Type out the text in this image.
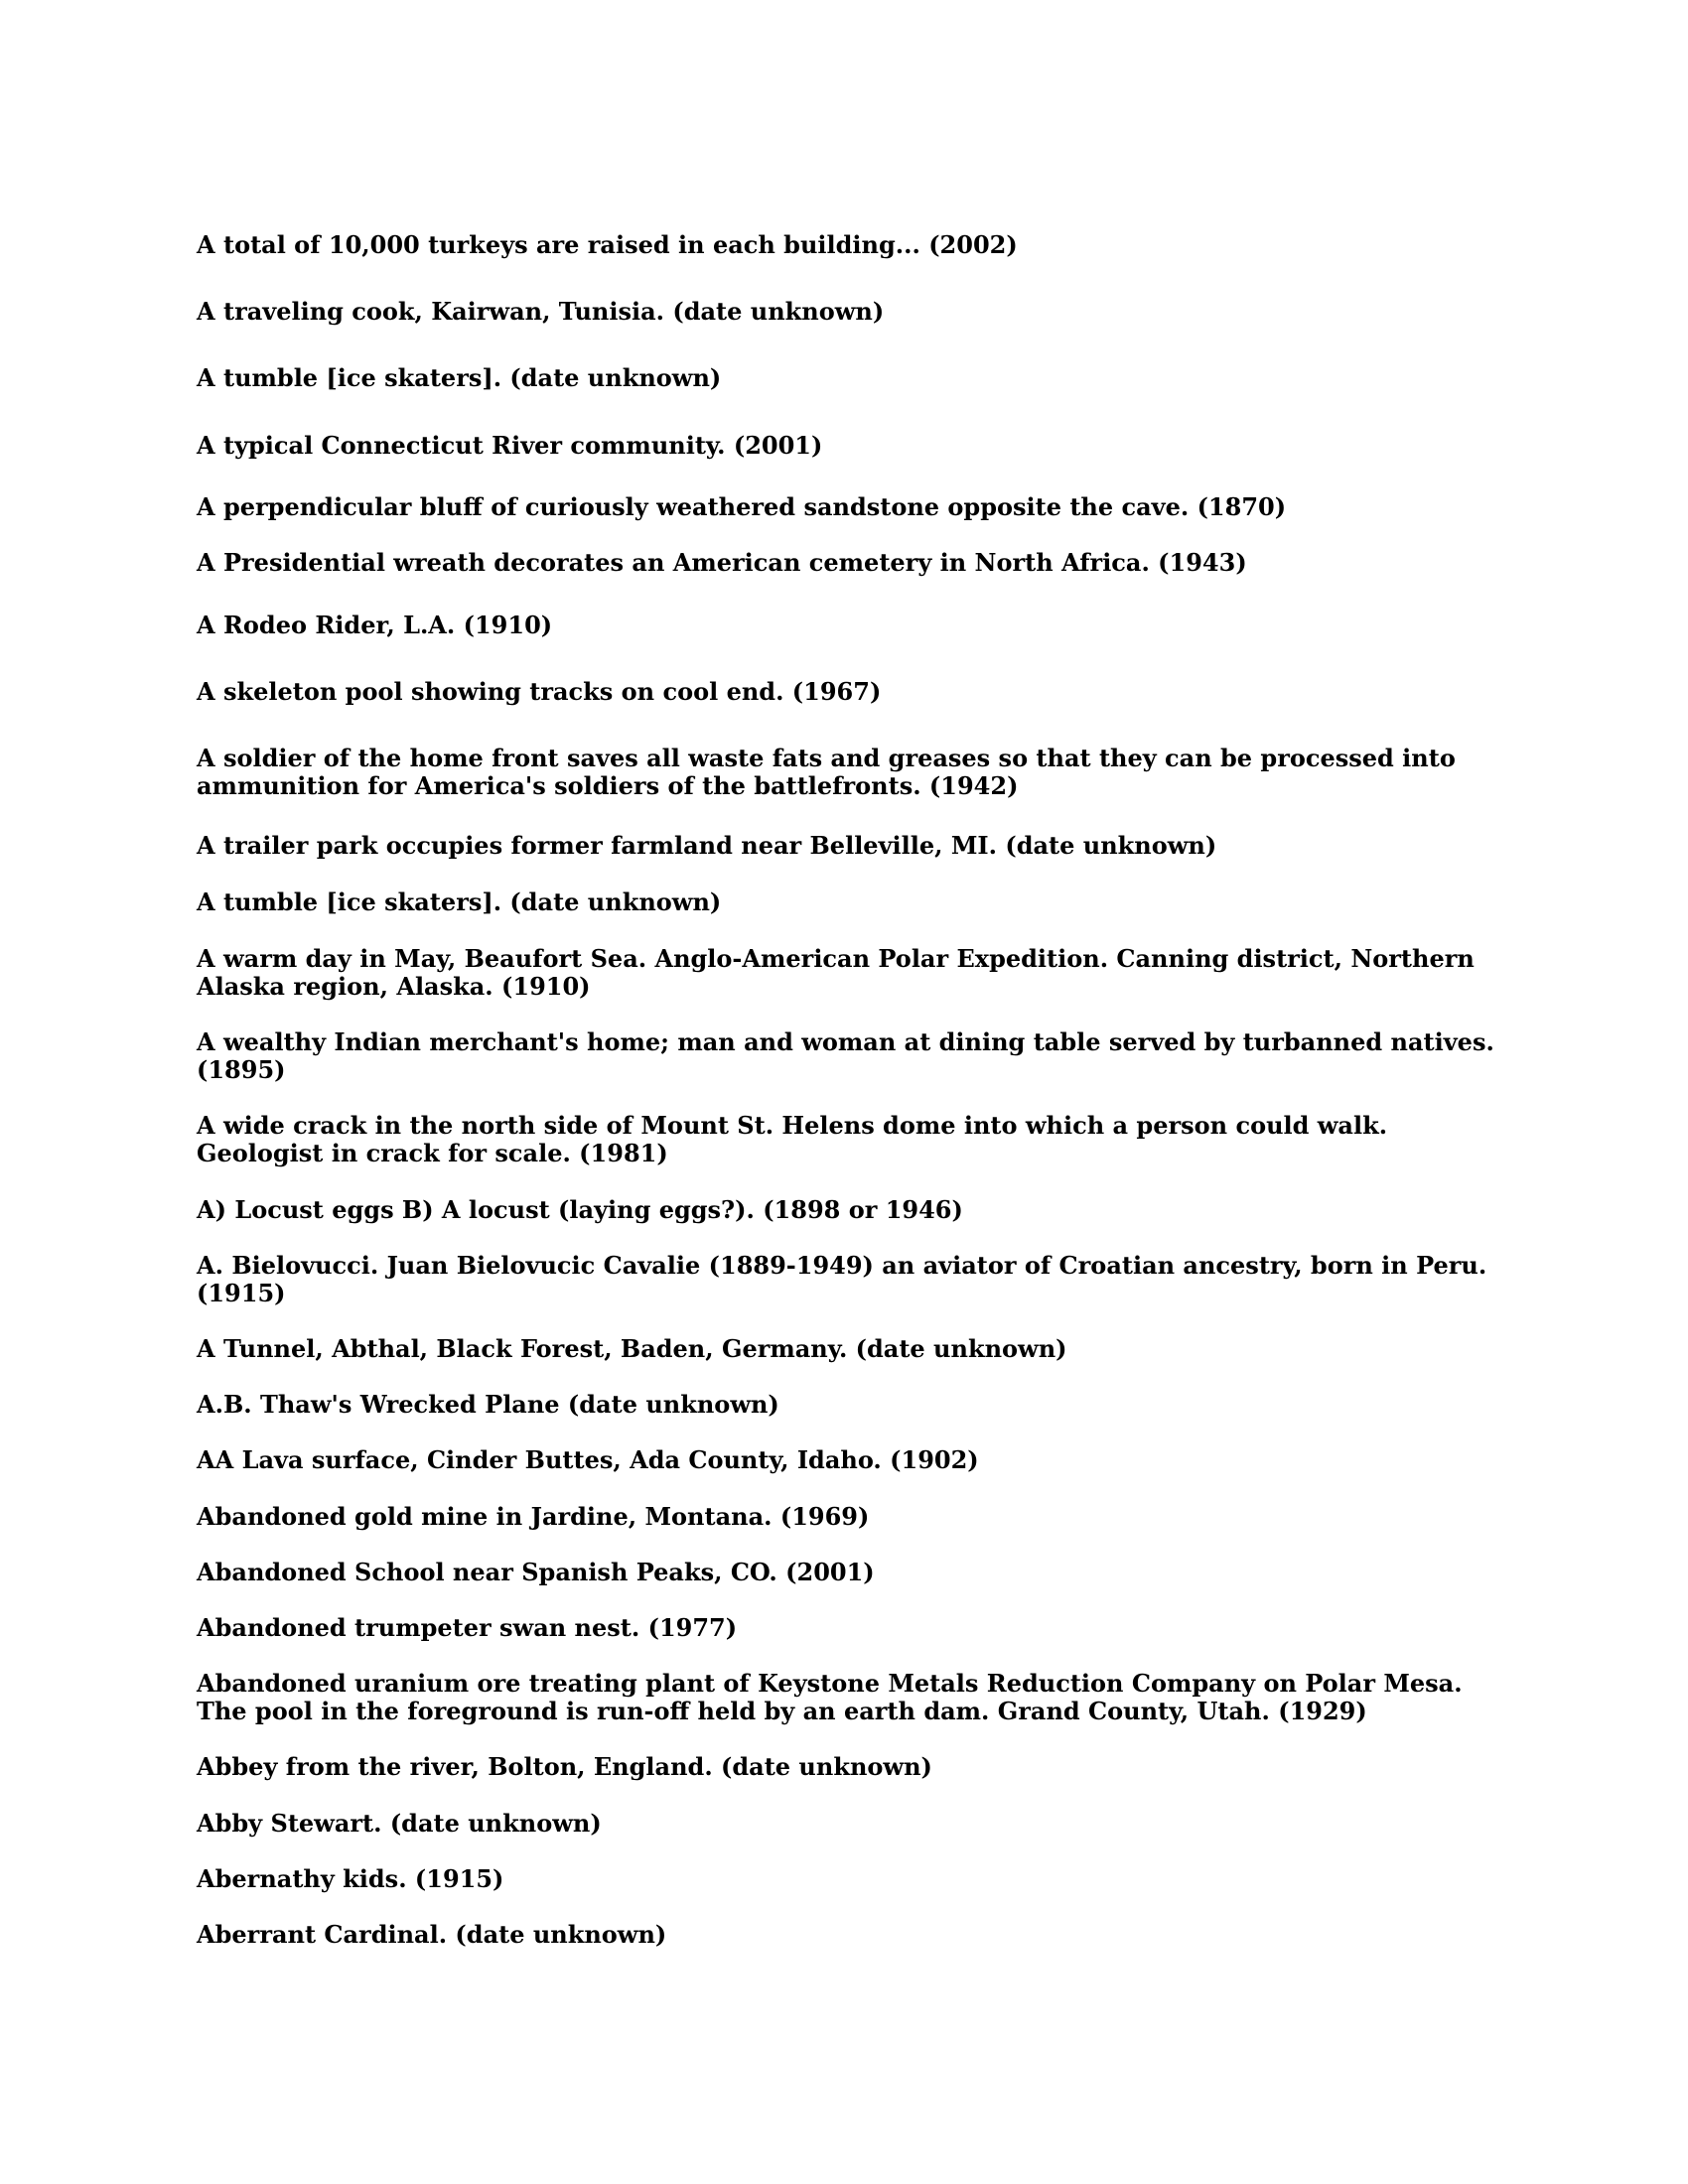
A total of 10,000 turkeys are raised in each building... (2002)

A traveling cook, Kairwan, Tunisia. (date unknown)

A tumble [ice skaters]. (date unknown)

A typical Connecticut River community. (2001)

A perpendicular bluff of curiously weathered sandstone opposite the cave. (1870)

A Presidential wreath decorates an American cemetery in North Africa. (1943)

A Rodeo Rider, L.A. (1910)

A skeleton pool showing tracks on cool end. (1967)

A soldier of the home front saves all waste fats and greases so that they can be processed into ammunition for America's soldiers of the battlefronts. (1942)

A trailer park occupies former farmland near Belleville, MI. (date unknown)

A tumble [ice skaters]. (date unknown)

A warm day in May, Beaufort Sea. Anglo-American Polar Expedition. Canning district, Northern Alaska region, Alaska. (1910)

A wealthy Indian merchant's home; man and woman at dining table served by turbanned natives. (1895)

A wide crack in the north side of Mount St. Helens dome into which a person could walk. Geologist in crack for scale. (1981)

A) Locust eggs B) A locust (laying eggs?). (1898 or 1946)

A. Bielovucci. Juan Bielovucic Cavalie (1889-1949) an aviator of Croatian ancestry, born in Peru. (1915)

A Tunnel, Abthal, Black Forest, Baden, Germany. (date unknown)

A.B. Thaw's Wrecked Plane (date unknown)

AA Lava surface, Cinder Buttes, Ada County, Idaho. (1902)

Abandoned gold mine in Jardine, Montana. (1969)

Abandoned School near Spanish Peaks, CO. (2001)

Abandoned trumpeter swan nest. (1977)

Abandoned uranium ore treating plant of Keystone Metals Reduction Company on Polar Mesa. The pool in the foreground is run-off held by an earth dam. Grand County, Utah. (1929)

Abbey from the river, Bolton, England. (date unknown)

Abby Stewart. (date unknown)

Abernathy kids. (1915)

Aberrant Cardinal. (date unknown)
